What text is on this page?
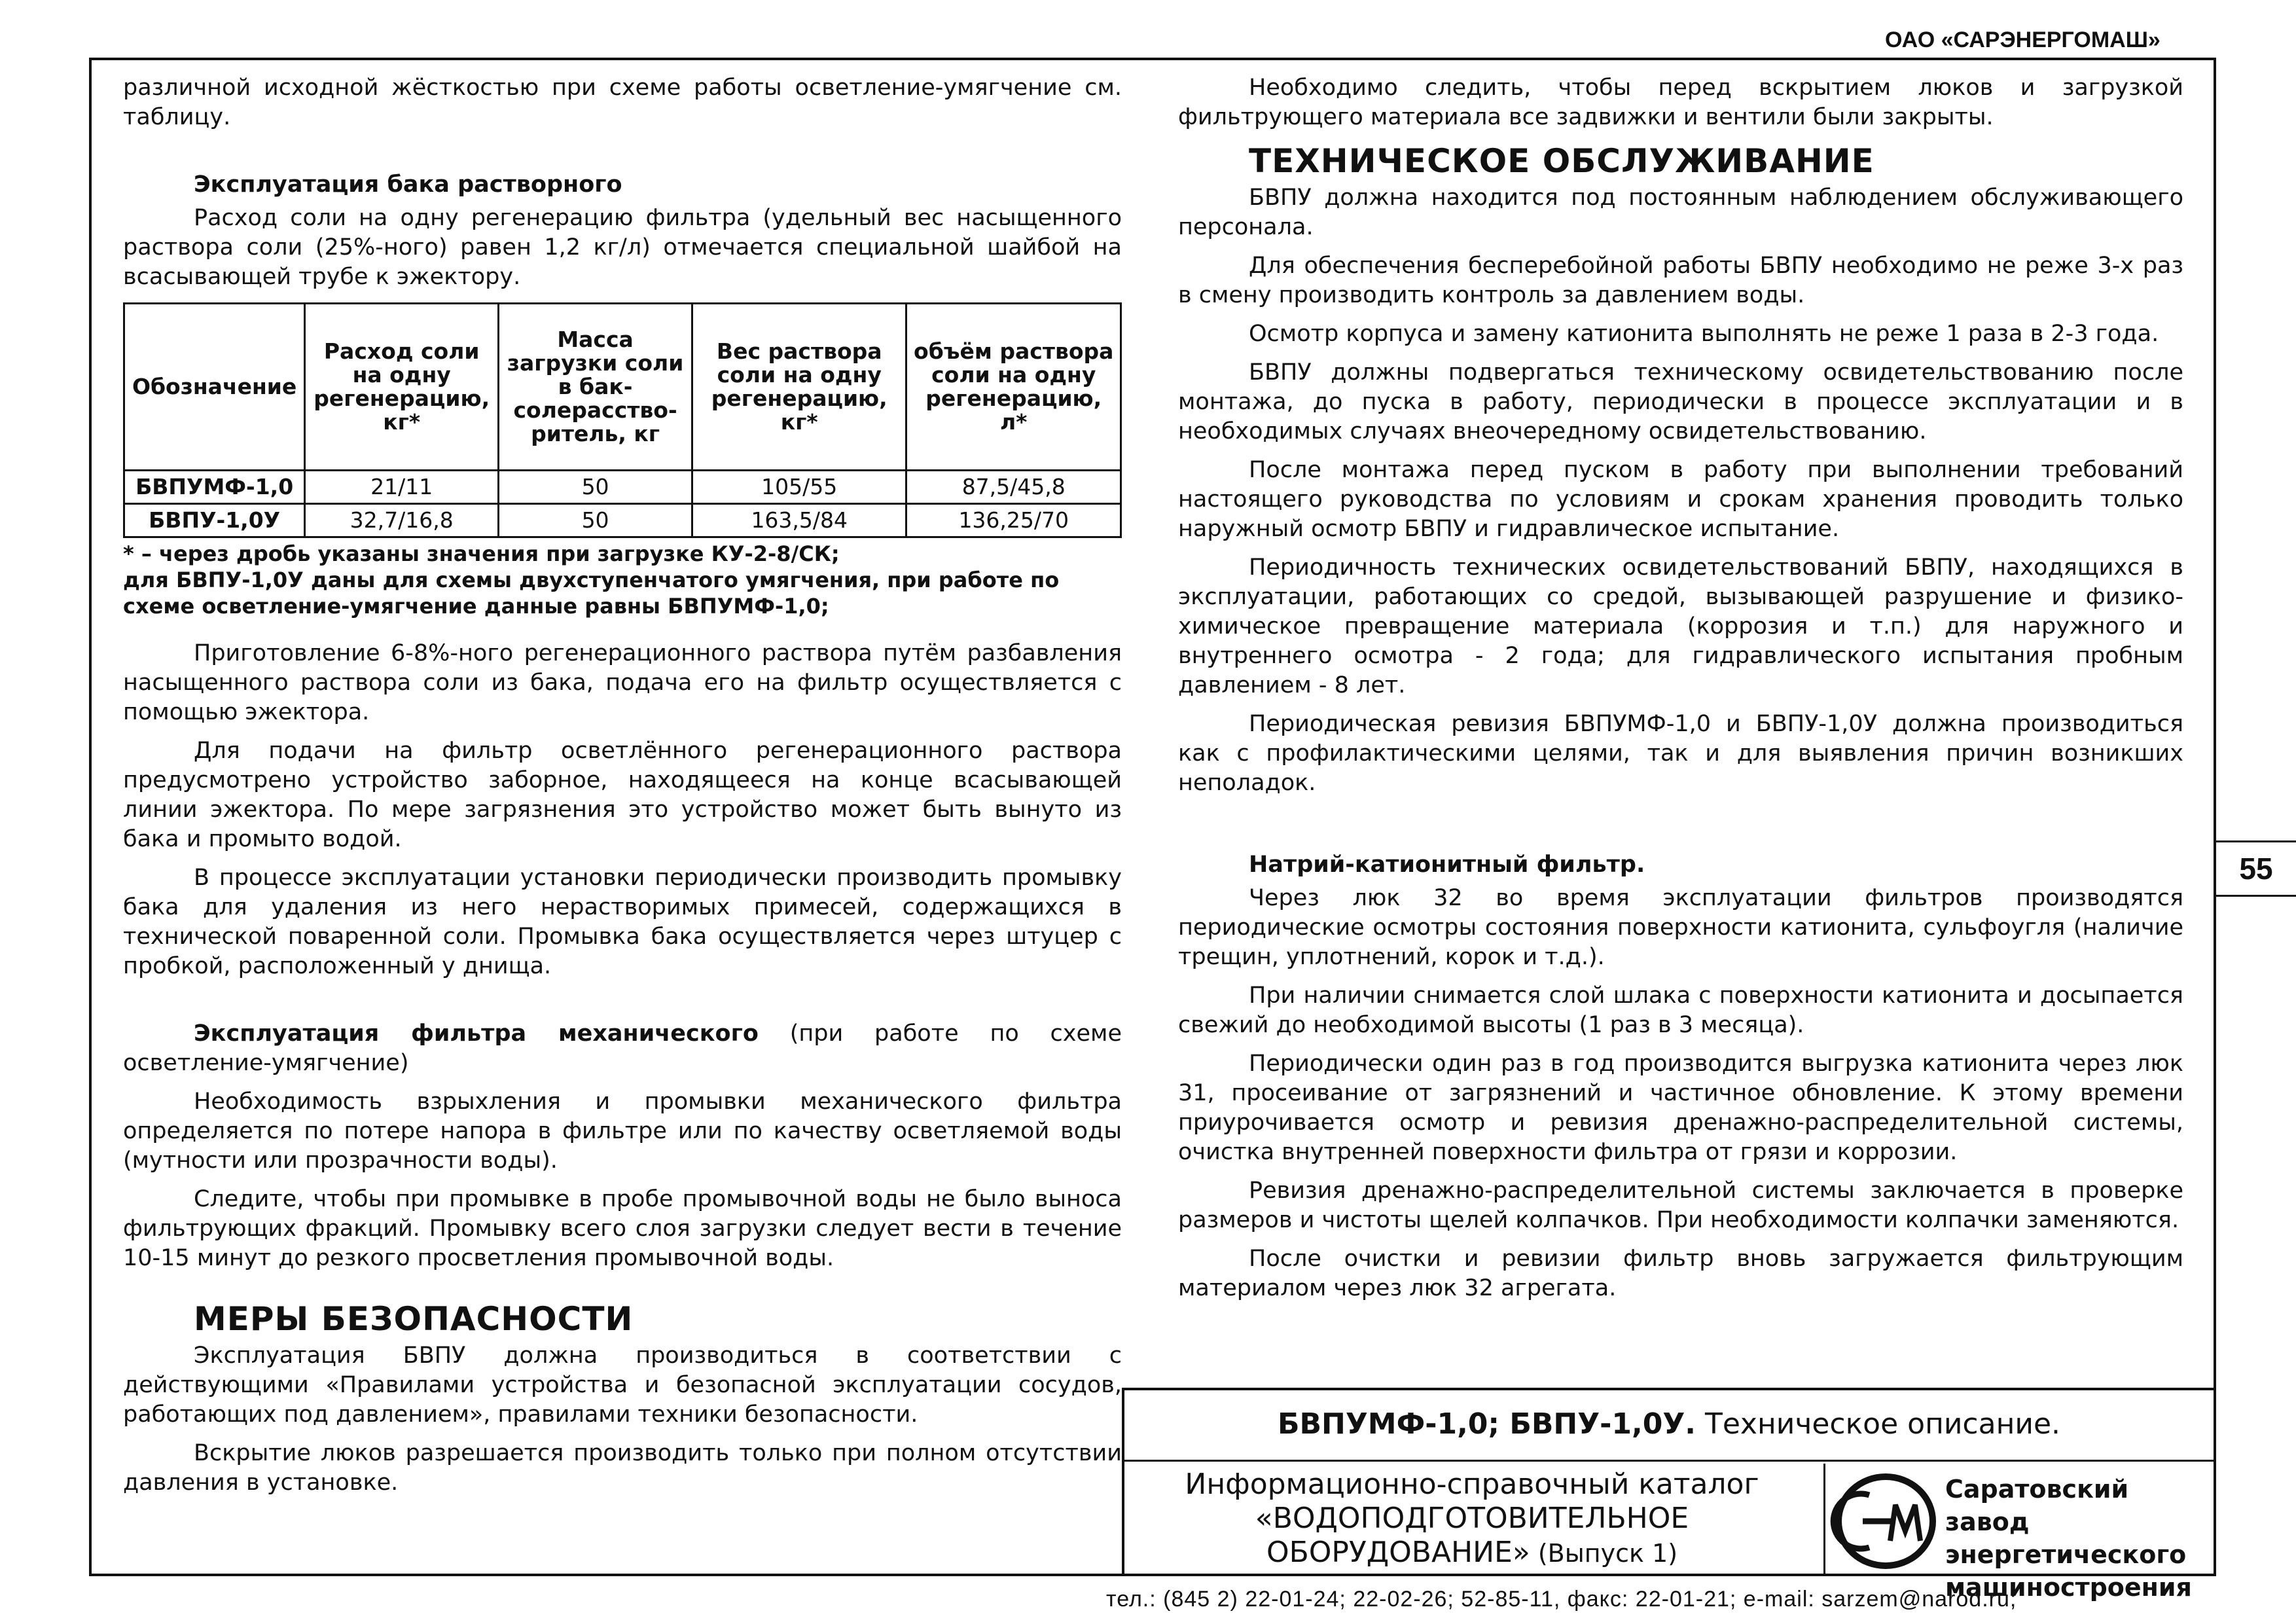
ОАО «САРЭНЕРГОМАШ»
55

различной исходной жёсткостью при схеме работы осветление-умягчение см. таблицу.

Эксплуатация бака растворного

Расход соли на одну регенерацию фильтра (удельный вес насыщенного раствора соли (25%-ного) равен 1,2 кг/л) отмечается специальной шайбой на всасывающей трубе к эжектору.

Обозначение	Расход соли на одну регенерацию, кг*	Масса загрузки соли в бак-солерасство-ритель, кг	Вес раствора соли на одну регенерацию, кг*	объём раствора соли на одну регенерацию, л*
БВПУМФ-1,0	21/11	50	105/55	87,5/45,8
БВПУ-1,0У	32,7/16,8	50	163,5/84	136,25/70
* – через дробь указаны значения при загрузке КУ-2-8/СК;
для БВПУ-1,0У даны для схемы двухступенчатого умягчения, при работе по схеме осветление-умягчение данные равны БВПУМФ-1,0;

Приготовление 6-8%-ного регенерационного раствора путём разбавления насыщенного раствора соли из бака, подача его на фильтр осуществляется с помощью эжектора.

Для подачи на фильтр осветлённого регенерационного раствора предусмотрено устройство заборное, находящееся на конце всасывающей линии эжектора. По мере загрязнения это устройство может быть вынуто из бака и промыто водой.

В процессе эксплуатации установки периодически производить промывку бака для удаления из него нерастворимых примесей, содержащихся в технической поваренной соли. Промывка бака осуществляется через штуцер с пробкой, расположенный у днища.

Эксплуатация фильтра механического (при работе по схеме осветление-умягчение)

Необходимость взрыхления и промывки механического фильтра определяется по потере напора в фильтре или по качеству осветляемой воды (мутности или прозрачности воды).

Следите, чтобы при промывке в пробе промывочной воды не было выноса фильтрующих фракций. Промывку всего слоя загрузки следует вести в течение 10-15 минут до резкого просветления промывочной воды.

МЕРЫ БЕЗОПАСНОСТИ

Эксплуатация БВПУ должна производиться в соответствии с действующими «Правилами устройства и безопасной эксплуатации сосудов, работающих под давлением», правилами техники безопасности.

Вскрытие люков разрешается производить только при полном отсутствии давления в установке.

Необходимо следить, чтобы перед вскрытием люков и загрузкой фильтрующего материала все задвижки и вентили были закрыты.

ТЕХНИЧЕСКОЕ ОБСЛУЖИВАНИЕ

БВПУ должна находится под постоянным наблюдением обслуживающего персонала.

Для обеспечения бесперебойной работы БВПУ необходимо не реже 3-х раз в смену производить контроль за давлением воды.

Осмотр корпуса и замену катионита выполнять не реже 1 раза в 2-3 года.

БВПУ должны подвергаться техническому освидетельствованию после монтажа, до пуска в работу, периодически в процессе эксплуатации и в необходимых случаях внеочередному освидетельствованию.

После монтажа перед пуском в работу при выполнении требований настоящего руководства по условиям и срокам хранения проводить только наружный осмотр БВПУ и гидравлическое испытание.

Периодичность технических освидетельствований БВПУ, находящихся в эксплуатации, работающих со средой, вызывающей разрушение и физико-химическое превращение материала (коррозия и т.п.) для наружного и внутреннего осмотра - 2 года; для гидравлического испытания пробным давлением - 8 лет.

Периодическая ревизия БВПУМФ-1,0 и БВПУ-1,0У должна производиться как с профилактическими целями, так и для выявления причин возникших неполадок.

Натрий-катионитный фильтр.

Через люк 32 во время эксплуатации фильтров производятся периодические осмотры состояния поверхности катионита, сульфоугля (наличие трещин, уплотнений, корок и т.д.).

При наличии снимается слой шлака с поверхности катионита и досыпается свежий до необходимой высоты (1 раз в 3 месяца).

Периодически один раз в год производится выгрузка катионита через люк 31, просеивание от загрязнений и частичное обновление. К этому времени приурочивается осмотр и ревизия дренажно-распределительной системы, очистка внутренней поверхности фильтра от грязи и коррозии.

Ревизия дренажно-распределительной системы заключается в проверке размеров и чистоты щелей колпачков. При необходимости колпачки заменяются.

После очистки и ревизии фильтр вновь загружается фильтрующим материалом через люк 32 агрегата.

БВПУМФ-1,0; БВПУ-1,0У. Техническое описание.
Информационно-справочный каталог
«ВОДОПОДГОТОВИТЕЛЬНОЕ
ОБОРУДОВАНИЕ» (Выпуск 1)
Саратовский завод
энергетического
машиностроения
тел.: (845 2) 22-01-24; 22-02-26; 52-85-11, факс: 22-01-21; e-mail: sarzem@narod.ru;
